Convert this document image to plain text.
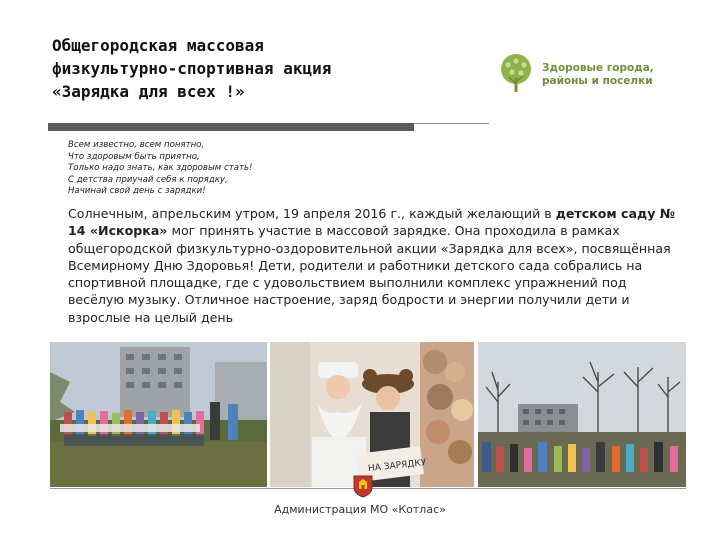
Общегородская массовая
физкультурно-спортивная акция
«Зарядка для всех !»
Здоровые города,
районы и поселки
Всем известно, всем понятно,
Что здоровым быть приятно,
Только надо знать, как здоровым стать!
С детства приучай себя к порядку,
Начинай свой день с зарядки!
Солнечным, апрельским утром, 19 апреля 2016 г., каждый желающий в детском саду № 14 «Искорка» мог принять участие в массовой зарядке. Она проходила в рамках общегородской физкультурно-оздоровительной акции «Зарядка для всех», посвящённая Всемирному Дню Здоровья! Дети, родители и работники детского сада собрались на спортивной площадке, где с удовольствием выполнили комплекс упражнений под весёлую музыку. Отличное настроение, заряд бодрости и энергии получили дети и взрослые на целый день
НА ЗАРЯДКУ
Администрация МО «Котлас»
